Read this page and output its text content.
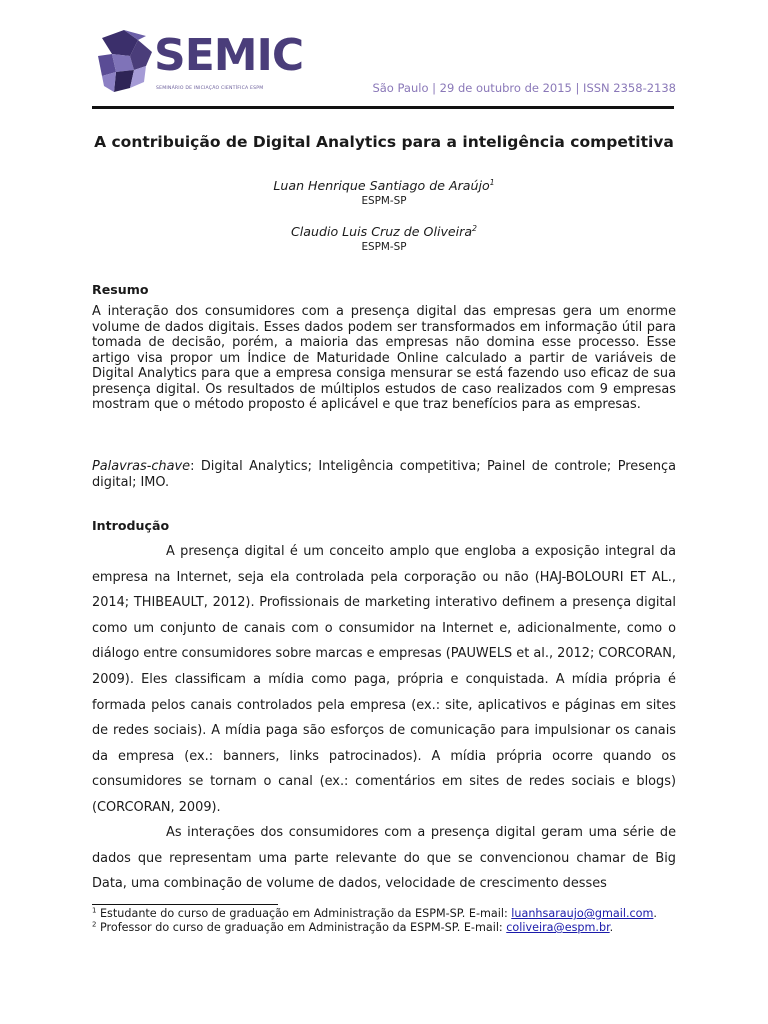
SEMIC
SEMINÁRIO DE INICIAÇÃO CIENTÍFICA ESPM	São Paulo | 29 de outubro de 2015 | ISSN 2358-2138
A contribuição de Digital Analytics para a inteligência competitiva
Luan Henrique Santiago de Araújo$^1$
ESPM-SP
Claudio Luis Cruz de Oliveira$^2$
ESPM-SP
Resumo
A interação dos consumidores com a presença digital das empresas gera um enorme volume de dados digitais. Esses dados podem ser transformados em informação útil para tomada de decisão, porém, a maioria das empresas não domina esse processo. Esse artigo visa propor um Índice de Maturidade Online calculado a partir de variáveis de Digital Analytics para que a empresa consiga mensurar se está fazendo uso eficaz de sua presença digital. Os resultados de múltiplos estudos de caso realizados com 9 empresas mostram que o método proposto é aplicável e que traz benefícios para as empresas.
Palavras-chave: Digital Analytics; Inteligência competitiva; Painel de controle; Presença digital; IMO.
Introdução
A presença digital é um conceito amplo que engloba a exposição integral da empresa na Internet, seja ela controlada pela corporação ou não (HAJ-BOLOURI ET AL., 2014; THIBEAULT, 2012). Profissionais de marketing interativo definem a presença digital como um conjunto de canais com o consumidor na Internet e, adicionalmente, como o diálogo entre consumidores sobre marcas e empresas (PAUWELS et al., 2012; CORCORAN, 2009). Eles classificam a mídia como paga, própria e conquistada. A mídia própria é formada pelos canais controlados pela empresa (ex.: site, aplicativos e páginas em sites de redes sociais). A mídia paga são esforços de comunicação para impulsionar os canais da empresa (ex.: banners, links patrocinados). A mídia própria ocorre quando os consumidores se tornam o canal (ex.: comentários em sites de redes sociais e blogs) (CORCORAN, 2009).
As interações dos consumidores com a presença digital geram uma série de dados que representam uma parte relevante do que se convencionou chamar de Big Data, uma combinação de volume de dados, velocidade de crescimento desses
$^1$ Estudante do curso de graduação em Administração da ESPM-SP. E-mail: luanhsaraujo@gmail.com.
$^2$ Professor do curso de graduação em Administração da ESPM-SP. E-mail: coliveira@espm.br.
